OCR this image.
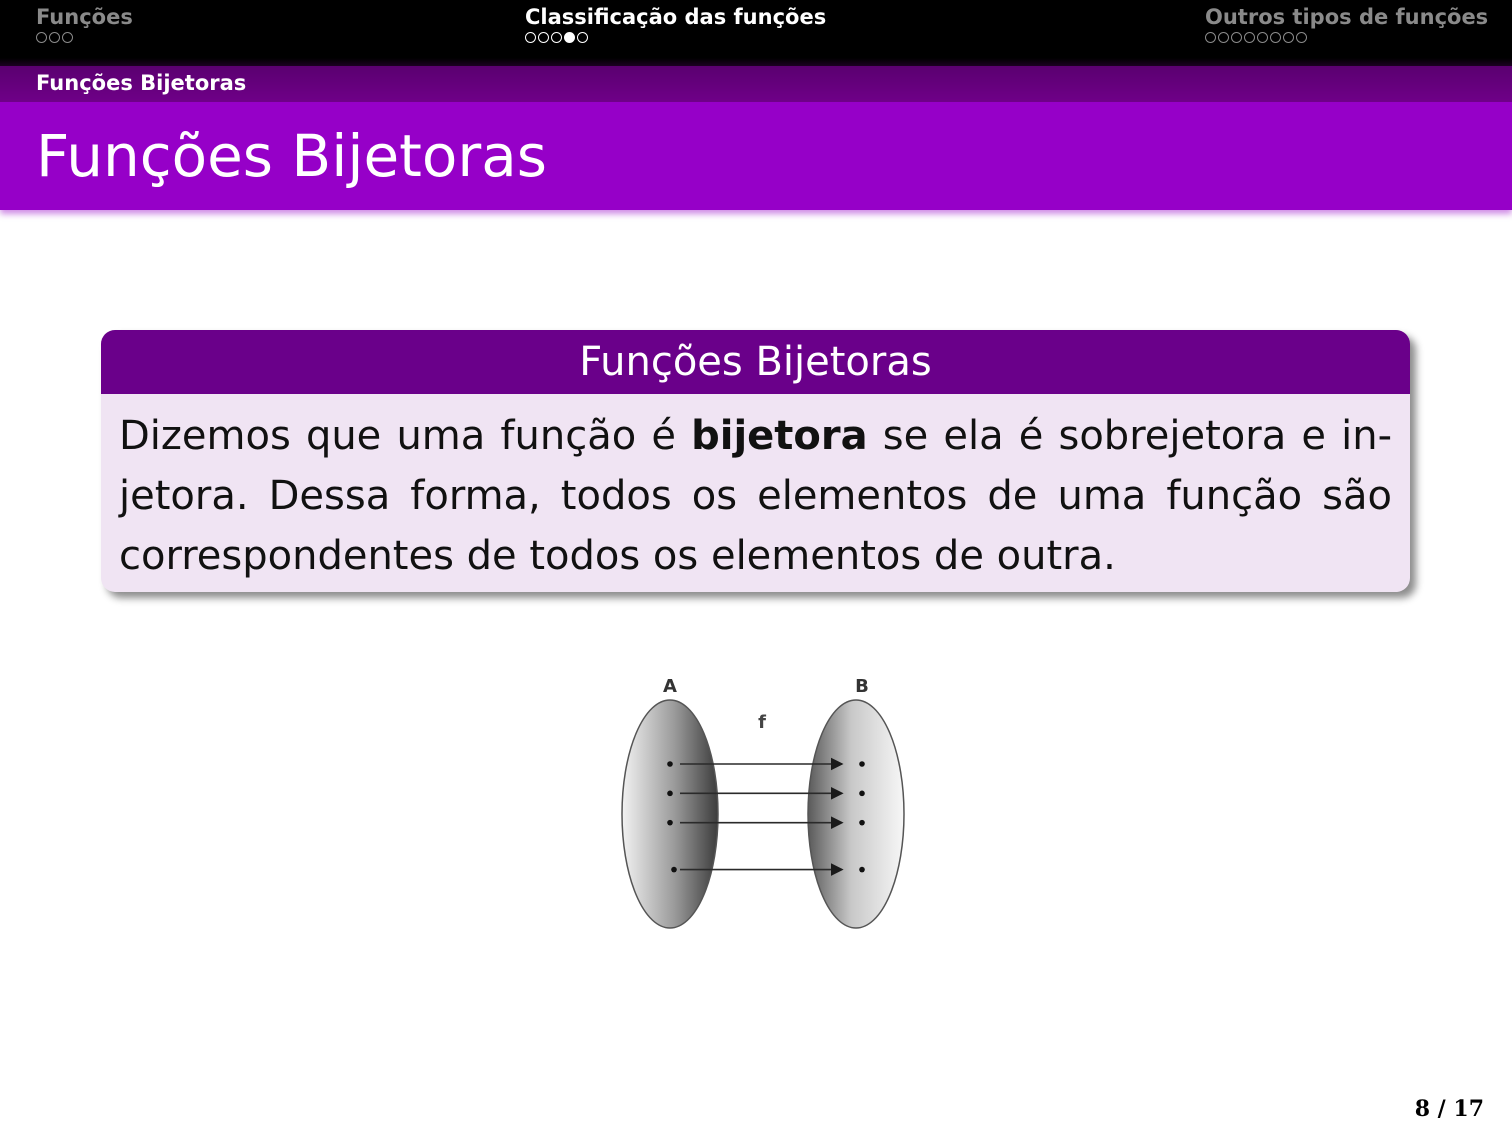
Funções	Classificação das funções	Outros tipos de funções
Funções Bijetoras
Funções Bijetoras
Funções Bijetoras
Dizemos que uma função é bijetora se ela é sobrejetora e injetora. Dessa forma, todos os elementos de uma função são correspondentes de todos os elementos de outra.
A	B
f
8 / 17
